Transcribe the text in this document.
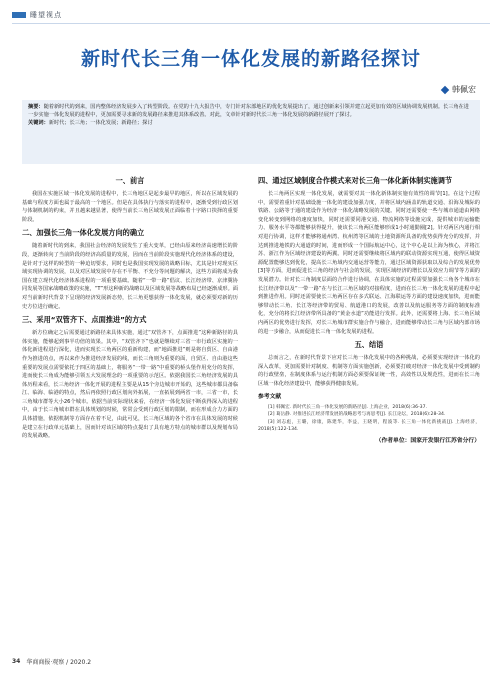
睡望视点
新时代长三角一体化发展的新路径探讨
韩佩宏
摘要：随着新时代的到来，国内整体经济发展步入了转型阶段。在党的十九大报告中，专门针对东部地区的优化发展提出了，通过创新来引领并建立起更加有效的区域协调发展机制。长三角在进一步实施一体化发展的进程中，更加需要寻求新的发展路径来推进其体系改善。对此，文章针对新时代长三角一体化发展的新路径展开了探讨。
关键词：新时代；长三角；一体化发展；新路径；探讨
一、前言

我国在实施区域一体化发展的进程中，长三角地区是起步最早的地区，所以在区域发展的基础与程度方面也属于最高的一个地区。但是在具体执行与落实的进程中，逐渐受到行政区划与体制机制的约束，并且越来越显著，使得当前长三角区域发展正面临着十字路口抉择的重要阶段。

二、加强长三角一体化发展方向的确立

随着新时代的到来，我国社会经济的发展发生了重大变革，已经由原来经济高速增长的阶段，逐渐转向了当前阶段的经济高质量的发展，因而在当前阶段实施现代化经济体系的建设，是针对于这样的转型的一种迫切要求，同时也是我国实现发展的战略目标，尤其是针对现实区域实现协调的发展，以及对区域发展中存在不平衡、不充分等问题的解决，这些方面将成为我国在建立现代化经济体系进程的一项重要基础。随着“一带一路”倡议、长江经济带、京津冀协同发展等国家战略政策的实施，“T”形这种新的战略以及区域发展等战略布局已经逐渐成形。面对当前新时代背景下呈现的经济发展新态势，长三角更想获得一体化发展，就必须要对新的历史方位进行确定。

三、采用“双管齐下、点面推进”的方式

新方位确定之后需要通过新路径来具体实施，通过“双管齐下，点面推进”这种新路径的具体实施，能够起到事半功倍的效果。其中，“双管齐下”也就是继续对三省一市行政区实施的一体化新进程进行深化，进而实现长三角两区的重新构建，而“地面推进”则是将自贸区、自由港作为推进的点，再以来作为推进经济发展的线，而长三角则为重要的面，自贸区、自由港这些重要的发展点需要依托于四区的基础上，将服务“一带一路”中重要的桥头堡作用充分的发挥，进而使长三角成为能够引领五大发展理念的一项重要的示范区。依据我国长三角经济发展的具体历程来看，长三角经济一体化开展的进程主要是从15个旁边城市开始的，这些城市都具备临江、临海、临港的特点，然后再依照行政区划向外拓展，一直拓展到两省一市，三省一市，长三角城市群等大小26个城市。依据当前实际现状来看，在经济一体化发展不断获得深入的进程中，由于长三角城市群在具体规划的时候，常常会受到行政区划的限制，而在形成合力方面的具体措施，依据机制等方面存在着不足，由此可见，长三角区域的各个省市在具体发展的时候是建立在行政单元基础上，因而针对该区域的特点提出了具有地方特点的城市群以及规划布局的发展战略。

四、通过区域制度合作模式来对长三角一体化新体制实施调节

长三角两区实现一体化发展，就需要对其一体化新体制实施有效性的调节[1]。在这个过程中，需要着重针对基础设施一体化的建设加强力度，并将区域内涵盖的轨道交通、沿海及城际的铁路、公路等于通的建设作为经济一体化战略发展的关键。同时还需要使一些与城市通道由网络变化转变到网络的速度加快，同时还需要同港交通、物流网络等设施完成，提供城市的运输能力、服务水平等都能够获得提升，使该长三角两区能够形成1小时通勤圈[2]。针对两区内通行相对进行协调，这样才能够将通州湾、杭州湾等区域的土地资源所具备的优势获得充分的发挥，并达到推进地铁的大通道的时间，进而形成一个国际航运中心，这个中心是以上海为核心，并将江苏、浙江作为区域经济建设的两翼。同时还需要继续将区域内的联动资源实现互通，使得区域资源配置能够达到优化，提高长三角域内交通运营等能力，通过区域资源获取以及综合的发展优势[3]等方面，进而促进长三角的经济与社会的发展，实现区域经济的增长以及效应力调节等方面的发展潜力。针对长三角制度层面的合作进行协调，在具体实施的过程需要加强长三角各个城市在长江经济带以及“一带一路”在与长江三角区域的对接程度，进而在长三角一体化发展的进程中起到推进作用。同时还需要使长三角两区存在多式联运、江海联运等方面的建设速度加快，进而能够带动长三角、长江等经济带的贸易、航道港口的发展，改善以及航运服务等方面的制度标准化，充分的将长江经济带所具备的“黄金水道”功能进行发挥。此外，还需要将上海、长三角区域内两区的优势进行发挥，对长三角城市群实施合作与融合，进而能够带动长三角与区域内部市场的进一步融合，从而促进长三角一体化发展的进程。

五、结语

总而言之，在新时代背景下应对长三角一体化发展中的各种挑战，必须要实现经济一体化的深入改革，更加需要针对制度、机制等方面实施创新，必须要打破对经济一体化发展中受到制约的行政壁垒，在制度体系与运行机制方面必须要保证统一性，高效性以及规范性，进而在长三角区域一体化经济建设中，能够获得健康发展。

参考文献

[1] 韩佩宏. 新时代长三角一体化发展的新路径[J]. 上海企业，2018(6):36-37.

[2] 葛岳静. 对推进长江经济带发展的战略思考与再思考[J]. 长江论坛，2018(6):28-34.

[3] 刘志彪，王璐，徐康，陈建华，李益，王晓明，程波等. 长三角一体化新挑战[J]. 上海经济，2018(5):122-134.

（作者单位：国家开发银行江苏省分行）
34 华商商报·观察 / 2020.2
